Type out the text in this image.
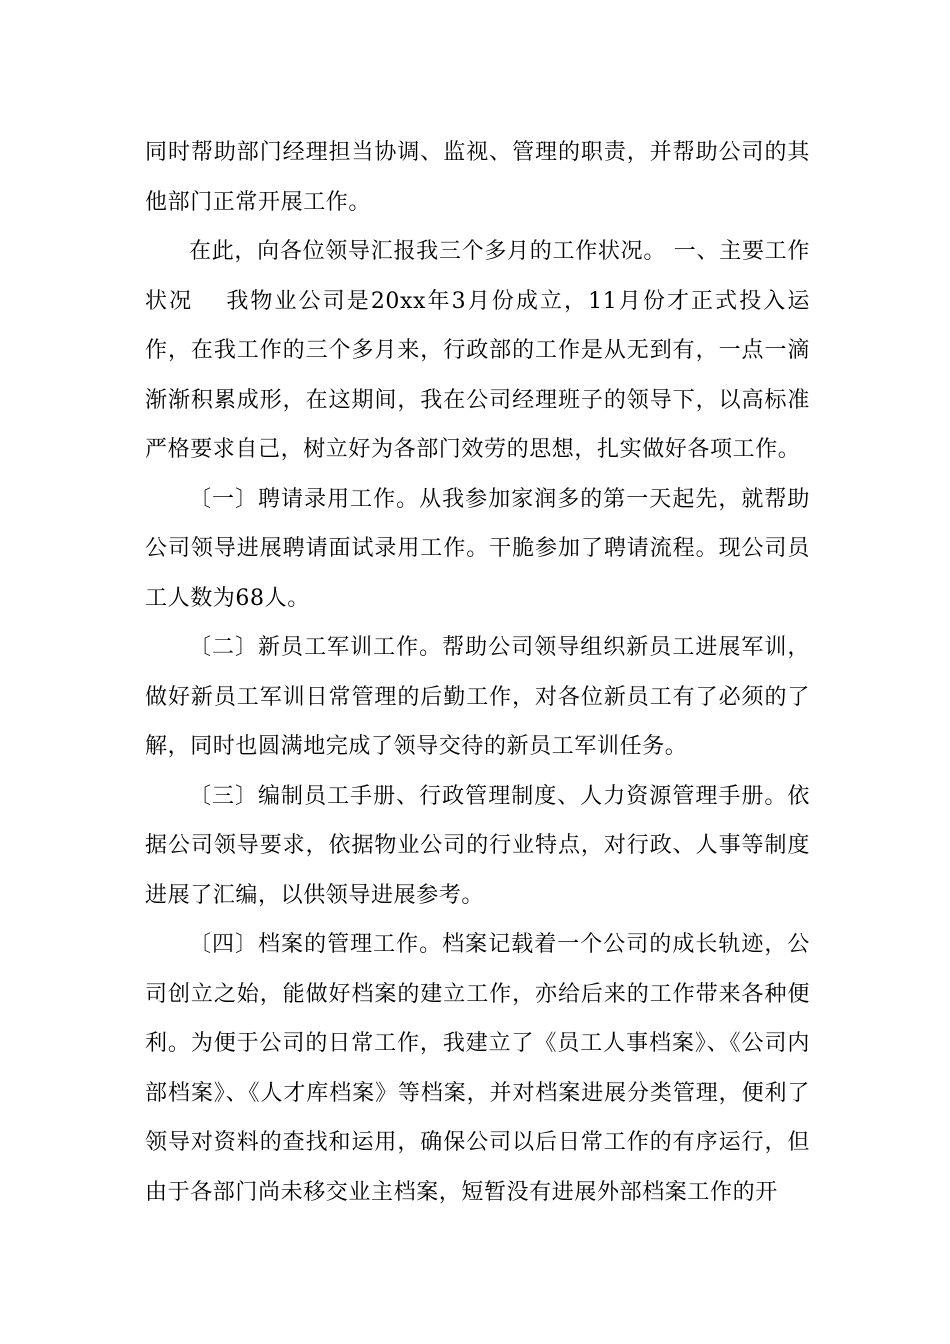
同时帮助部门经理担当协调、监视、管理的职责，并帮助公司的其他部门正常开展工作。

在此，向各位领导汇报我三个多月的工作状况。 一、主要工作状况　 我物业公司是20xx年3月份成立，11月份才正式投入运作，在我工作的三个多月来，行政部的工作是从无到有，一点一滴渐渐积累成形，在这期间，我在公司经理班子的领导下，以高标准严格要求自己，树立好为各部门效劳的思想，扎实做好各项工作。

〔一〕聘请录用工作。从我参加家润多的第一天起先，就帮助公司领导进展聘请面试录用工作。干脆参加了聘请流程。现公司员工人数为68人。

〔二〕新员工军训工作。帮助公司领导组织新员工进展军训，做好新员工军训日常管理的后勤工作，对各位新员工有了必须的了解，同时也圆满地完成了领导交待的新员工军训任务。

〔三〕编制员工手册、行政管理制度、人力资源管理手册。依据公司领导要求，依据物业公司的行业特点，对行政、人事等制度进展了汇编，以供领导进展参考。

〔四〕档案的管理工作。档案记载着一个公司的成长轨迹，公司创立之始，能做好档案的建立工作，亦给后来的工作带来各种便利。为便于公司的日常工作，我建立了《员工人事档案》、《公司内部档案》、《人才库档案》等档案，并对档案进展分类管理，便利了领导对资料的查找和运用，确保公司以后日常工作的有序运行，但由于各部门尚未移交业主档案，短暂没有进展外部档案工作的开
